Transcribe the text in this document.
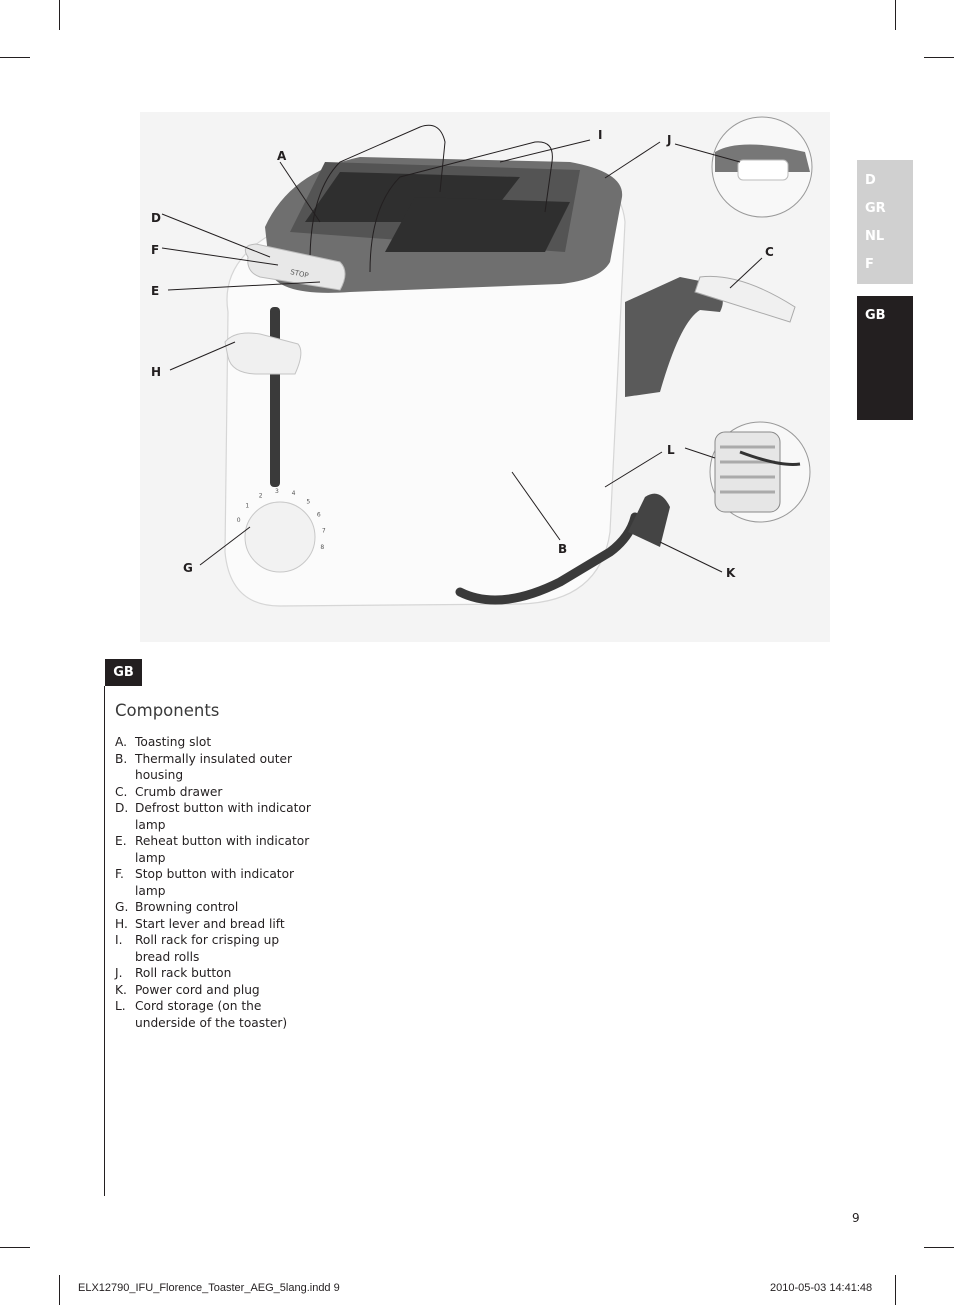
STOP
0
1
2
3 4
5
6
7
8
A
B
C
D
E
F
G
H
I	J
K
L
D
GR
NL
F
GB
GB
Components
A. Toasting slot
B. Thermally insulated outer housing
C. Crumb drawer
D. Defrost button with indicator lamp
E. Reheat button with indicator lamp
F. Stop button with indicator lamp
G. Browning control
H. Start lever and bread lift
I.	Roll rack for crisping up bread rolls
J.	Roll rack button
K. Power cord and plug
L. Cord storage (on the underside of the toaster)
9
ELX12790_IFU_Florence_Toaster_AEG_5lang.indd 9	2010-05-03 14:41:48
